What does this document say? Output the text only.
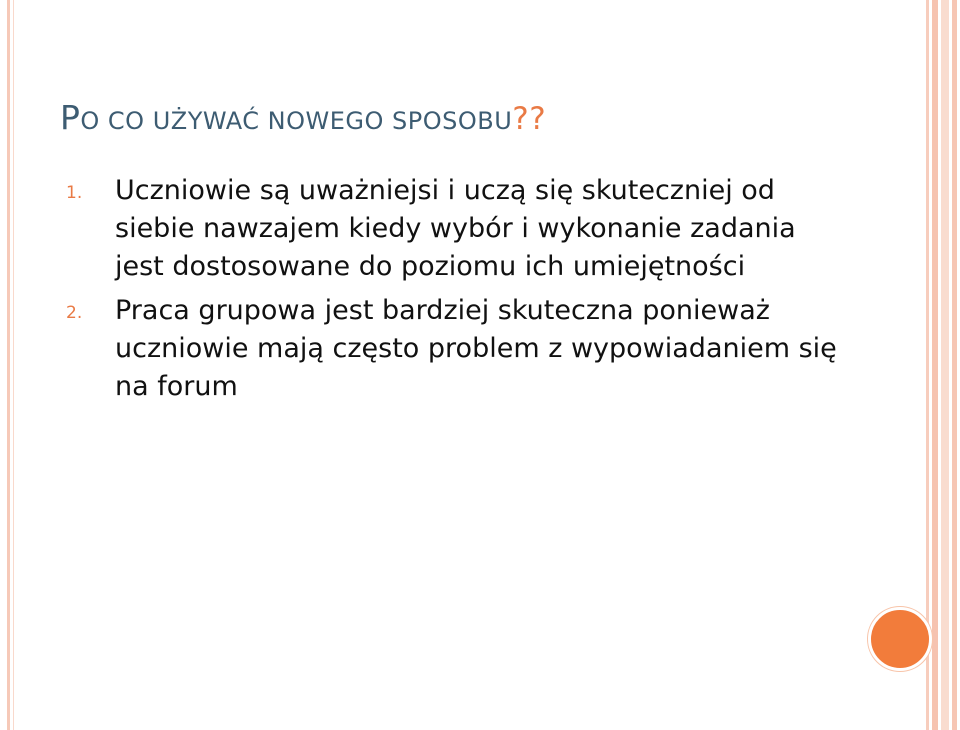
PO CO UŻYWAĆ NOWEGO SPOSOBU??
1. Uczniowie są uważniejsi i uczą się skuteczniej od siebie nawzajem kiedy wybór i wykonanie zadania jest dostosowane do poziomu ich umiejętności
2. Praca grupowa jest bardziej skuteczna ponieważ uczniowie mają często problem z wypowiadaniem się na forum
